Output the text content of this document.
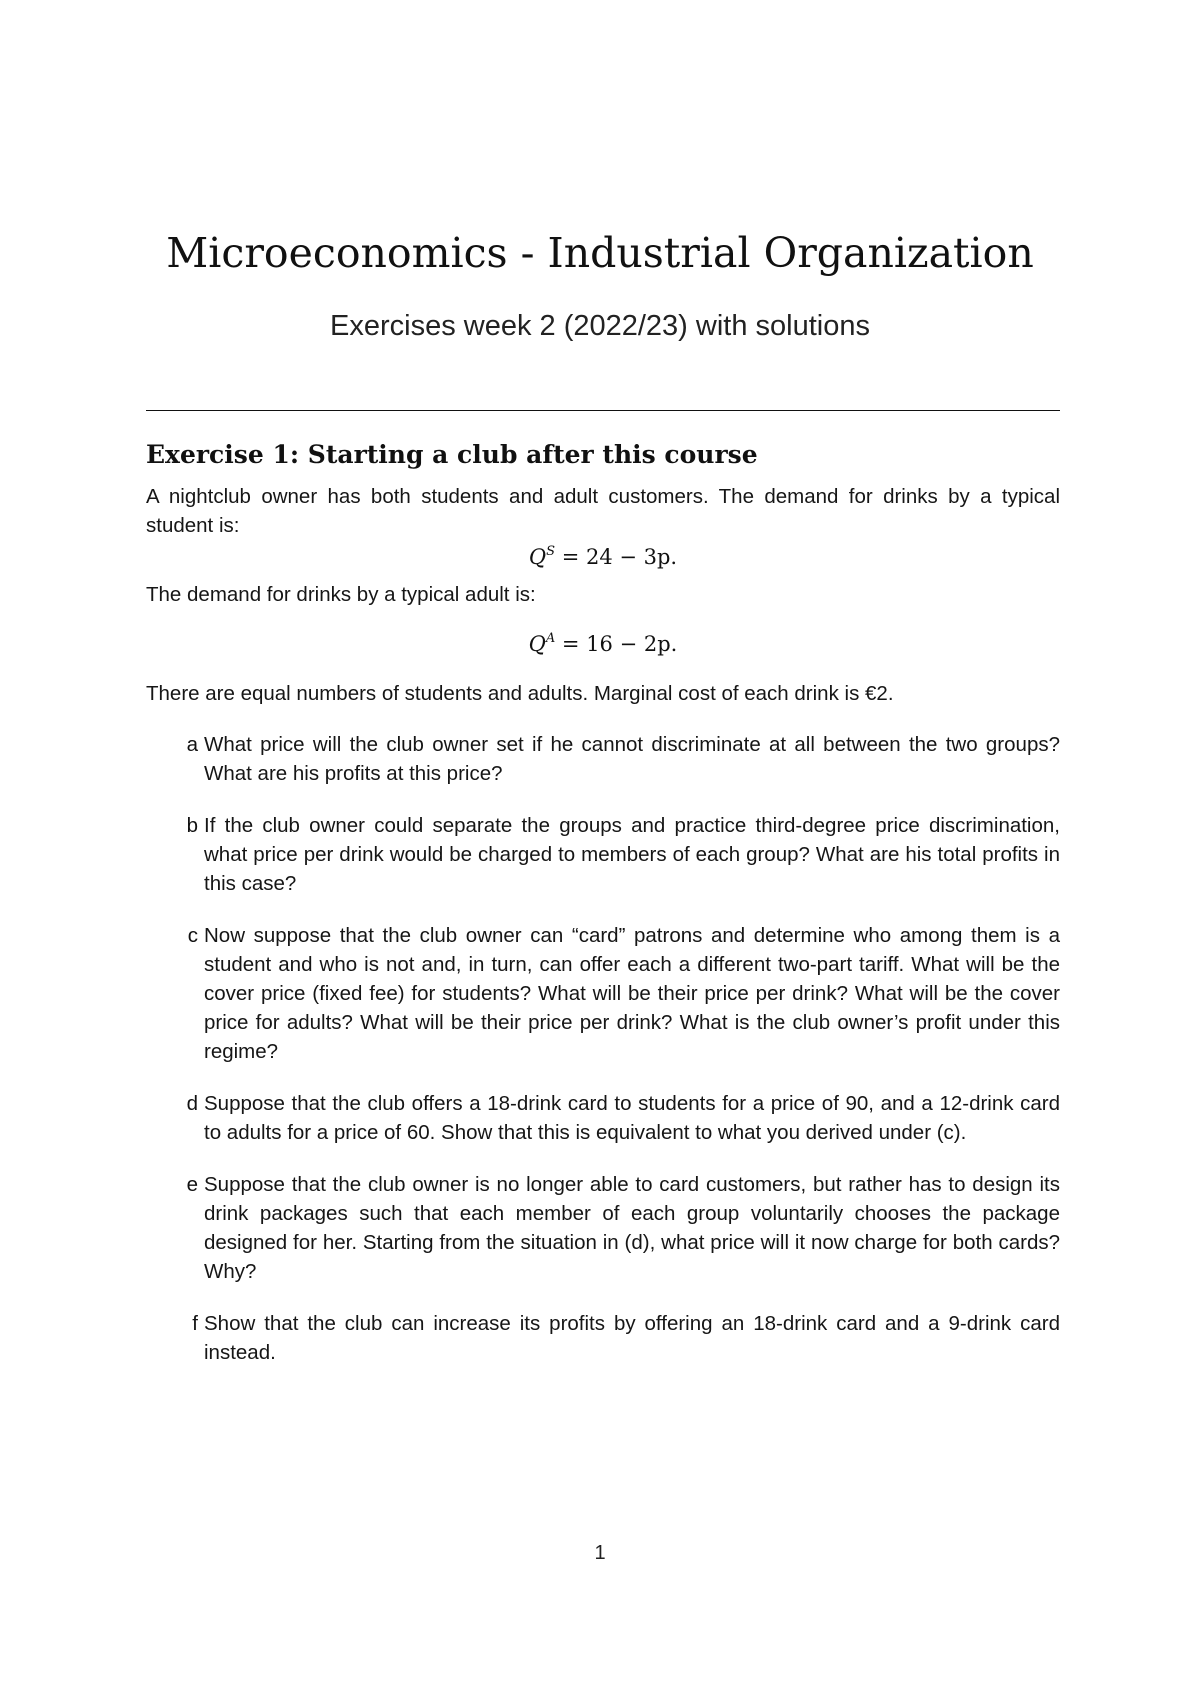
Microeconomics - Industrial Organization
Exercises week 2 (2022/23) with solutions
Exercise 1: Starting a club after this course

A nightclub owner has both students and adult customers. The demand for drinks by a typical student is:

$Q^S = 24 - 3p$.

The demand for drinks by a typical adult is:

$Q^A = 16 - 2p$.

There are equal numbers of students and adults. Marginal cost of each drink is €2.

a What price will the club owner set if he cannot discriminate at all between the two groups? What are his profits at this price?
b If the club owner could separate the groups and practice third-degree price discrimination, what price per drink would be charged to members of each group? What are his total profits in this case?
c Now suppose that the club owner can “card” patrons and determine who among them is a student and who is not and, in turn, can offer each a different two-part tariff. What will be the cover price (fixed fee) for students? What will be their price per drink? What will be the cover price for adults? What will be their price per drink? What is the club owner’s profit under this regime?
d Suppose that the club offers a 18-drink card to students for a price of 90, and a 12-drink card to adults for a price of 60. Show that this is equivalent to what you derived under (c).
e Suppose that the club owner is no longer able to card customers, but rather has to design its drink packages such that each member of each group voluntarily chooses the package designed for her. Starting from the situation in (d), what price will it now charge for both cards? Why?
f Show that the club can increase its profits by offering an 18-drink card and a 9-drink card instead.
1
